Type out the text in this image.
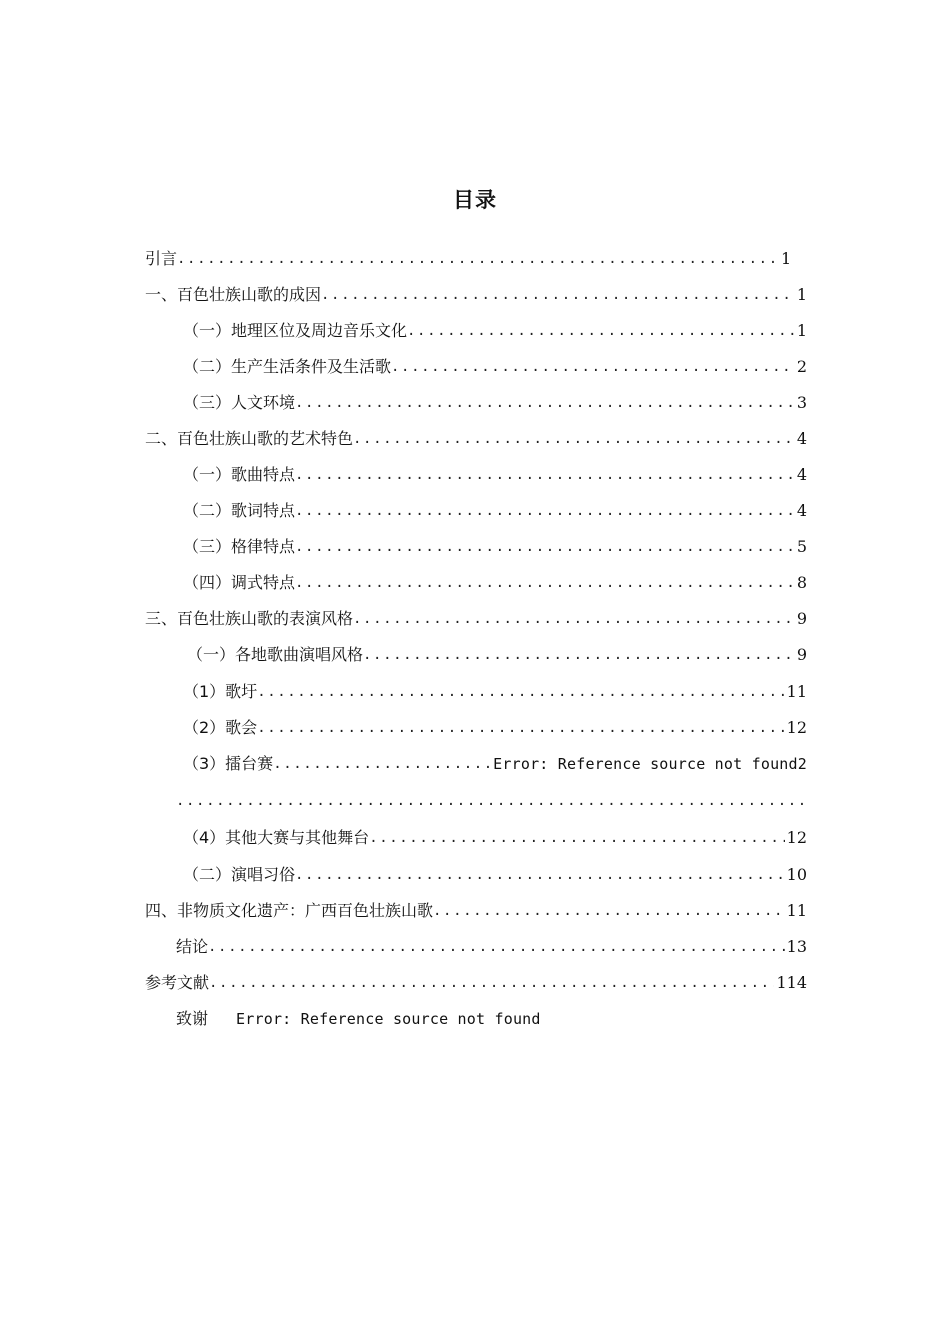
目录
引言 .....	1
一、百色壮族山歌的成因 .....	1
（一）地理区位及周边音乐文化 .....	1
（二）生产生活条件及生活歌 .....	2
（三）人文环境 .....	3
二、百色壮族山歌的艺术特色 .....	4
（一）歌曲特点 .....	4
（二）歌词特点 .....	4
（三）格律特点 .....	5
（四）调式特点 .....	8
三、百色壮族山歌的表演风格 .....	9
（一）各地歌曲演唱风格 .....	9
（1）歌圩 .....	11
（2）歌会 .....	12
（3）擂台赛 .....	Error: Reference source not found2
.....
（4）其他大赛与其他舞台 .....	12
（二）演唱习俗 .....	10
四、非物质文化遗产：广西百色壮族山歌 .....	11
结论 .....	13
参考文献 .....	114
致谢 Error: Reference source not found
